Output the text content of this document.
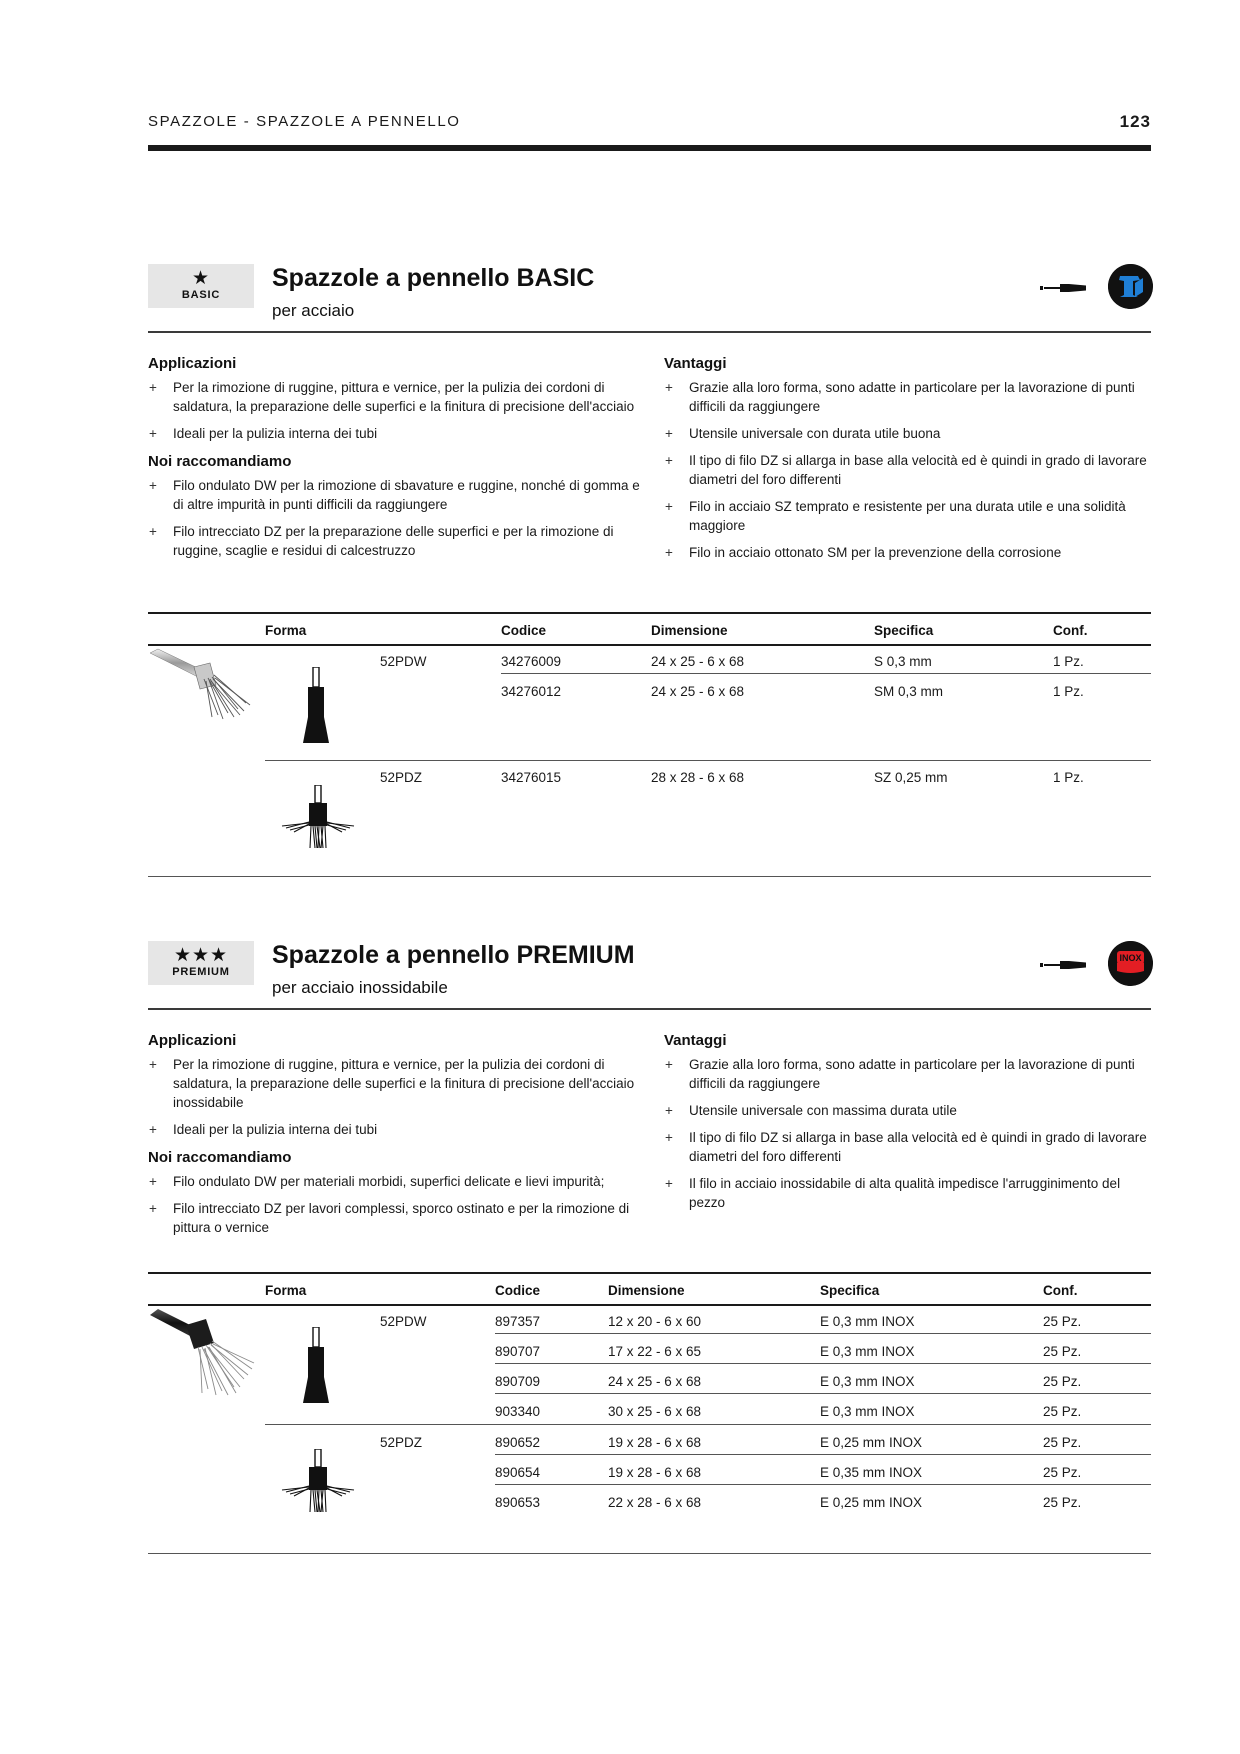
SPAZZOLE - SPAZZOLE A PENNELLO	123
★
BASIC
Spazzole a pennello BASIC
per acciaio
Applicazioni
+ Per la rimozione di ruggine, pittura e vernice, per la pulizia dei cordoni di saldatura, la preparazione delle superfici e la finitura di precisione dell'acciaio
+ Ideali per la pulizia interna dei tubi
Noi raccomandiamo
+ Filo ondulato DW per la rimozione di sbavature e ruggine, nonché di gomma e di altre impurità in punti difficili da raggiungere
+ Filo intrecciato DZ per la preparazione delle superfici e per la rimozione di ruggine, scaglie e residui di calcestruzzo
Vantaggi
+ Grazie alla loro forma, sono adatte in particolare per la lavorazione di punti difficili da raggiungere
+ Utensile universale con durata utile buona
+ Il tipo di filo DZ si allarga in base alla velocità ed è quindi in grado di lavorare diametri del foro differenti
+ Filo in acciaio SZ temprato e resistente per una durata utile e una solidità maggiore
+ Filo in acciaio ottonato SM per la prevenzione della corrosione
Forma	Codice	Dimensione	Specifica	Conf.
52PDW	34276009	24 x 25 - 6 x 68	S 0,3 mm	1 Pz.
34276012	24 x 25 - 6 x 68	SM 0,3 mm	1 Pz.
52PDZ	34276015	28 x 28 - 6 x 68	SZ 0,25 mm	1 Pz.
★★★
PREMIUM
Spazzole a pennello PREMIUM
per acciaio inossidabile
INOX
Applicazioni
+ Per la rimozione di ruggine, pittura e vernice, per la pulizia dei cordoni di saldatura, la preparazione delle superfici e la finitura di precisione dell'acciaio inossidabile
+ Ideali per la pulizia interna dei tubi
Noi raccomandiamo
+ Filo ondulato DW per materiali morbidi, superfici delicate e lievi impurità;
+ Filo intrecciato DZ per lavori complessi, sporco ostinato e per la rimozione di pittura o vernice
Vantaggi
+ Grazie alla loro forma, sono adatte in particolare per la lavorazione di punti difficili da raggiungere
+ Utensile universale con massima durata utile
+ Il tipo di filo DZ si allarga in base alla velocità ed è quindi in grado di lavorare diametri del foro differenti
+ Il filo in acciaio inossidabile di alta qualità impedisce l'arrugginimento del pezzo
Forma	Codice	Dimensione	Specifica	Conf.
52PDW	897357	12 x 20 - 6 x 60	E 0,3 mm INOX	25 Pz.
890707	17 x 22 - 6 x 65	E 0,3 mm INOX	25 Pz.
890709	24 x 25 - 6 x 68	E 0,3 mm INOX	25 Pz.
903340	30 x 25 - 6 x 68	E 0,3 mm INOX	25 Pz.
52PDZ	890652	19 x 28 - 6 x 68	E 0,25 mm INOX	25 Pz.
890654	19 x 28 - 6 x 68	E 0,35 mm INOX	25 Pz.
890653	22 x 28 - 6 x 68	E 0,25 mm INOX	25 Pz.
